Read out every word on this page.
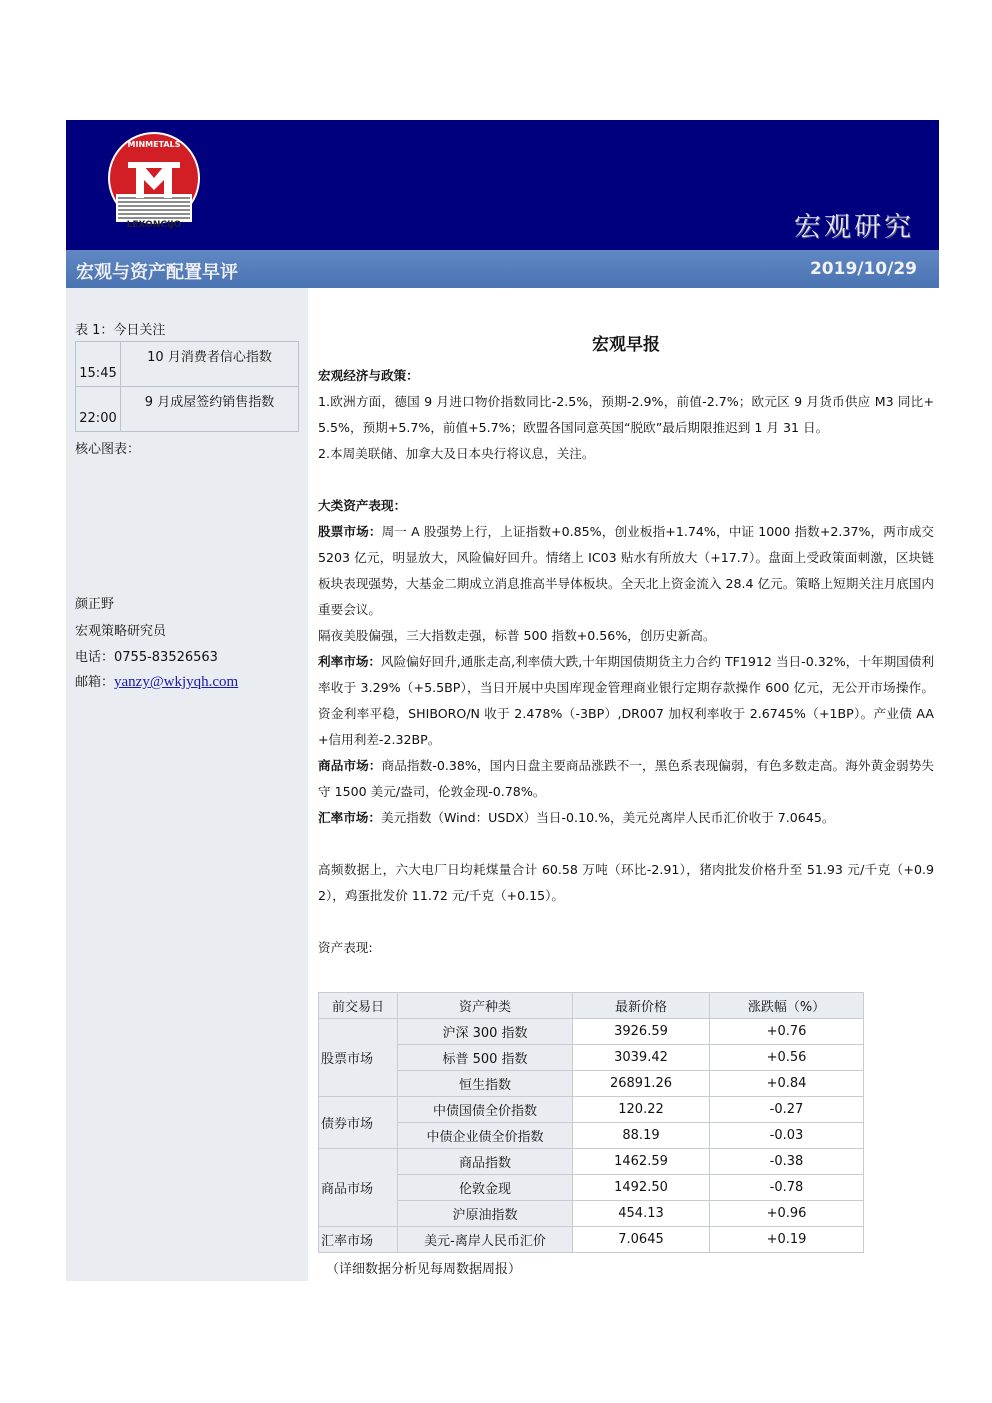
MINMETALS
LEXONCIJO	宏观研究
宏观与资产配置早评	2019/10/29
表 1：今日关注
15:45	10 月消费者信心指数
22:00	9 月成屋签约销售指数
核心图表：
颜正野
宏观策略研究员
电话：0755-83526563
邮箱：yanzy@wkjyqh.com
宏观早报

宏观经济与政策：

1.欧洲方面，德国 9 月进口物价指数同比-2.5%，预期-2.9%，前值-2.7%；欧元区 9 月货币供应 M3 同比+5.5%，预期+5.7%，前值+5.7%；欧盟各国同意英国“脱欧”最后期限推迟到 1 月 31 日。

2.本周美联储、加拿大及日本央行将议息，关注。

大类资产表现：

股票市场：周一 A 股强势上行，上证指数+0.85%，创业板指+1.74%，中证 1000 指数+2.37%，两市成交 5203 亿元，明显放大，风险偏好回升。情绪上 IC03 贴水有所放大（+17.7）。盘面上受政策面刺激，区块链板块表现强势，大基金二期成立消息推高半导体板块。全天北上资金流入 28.4 亿元。策略上短期关注月底国内重要会议。

隔夜美股偏强，三大指数走强，标普 500 指数+0.56%，创历史新高。

利率市场：风险偏好回升,通胀走高,利率债大跌,十年期国债期货主力合约 TF1912 当日-0.32%，十年期国债利率收于 3.29%（+5.5BP），当日开展中央国库现金管理商业银行定期存款操作 600 亿元，无公开市场操作。资金利率平稳，SHIBORO/N 收于 2.478%（-3BP）,DR007 加权利率收于 2.6745%（+1BP）。产业债 AA+信用利差-2.32BP。

商品市场：商品指数-0.38%，国内日盘主要商品涨跌不一，黑色系表现偏弱，有色多数走高。海外黄金弱势失守 1500 美元/盎司，伦敦金现-0.78%。

汇率市场：美元指数（Wind：USDX）当日-0.10.%，美元兑离岸人民币汇价收于 7.0645。

高频数据上，六大电厂日均耗煤量合计 60.58 万吨（环比-2.91），猪肉批发价格升至 51.93 元/千克（+0.92），鸡蛋批发价 11.72 元/千克（+0.15）。

资产表现:

前交易日	资产种类	最新价格	涨跌幅（%）
股票市场	沪深 300 指数	3926.59	+0.76
	标普 500 指数	3039.42	+0.56
	恒生指数	26891.26	+0.84
债券市场	中债国债全价指数	120.22	-0.27
	中债企业债全价指数	88.19	-0.03
商品市场	商品指数	1462.59	-0.38
	伦敦金现	1492.50	-0.78
	沪原油指数	454.13	+0.96
汇率市场	美元-离岸人民币汇价	7.0645	+0.19
（详细数据分析见每周数据周报）
